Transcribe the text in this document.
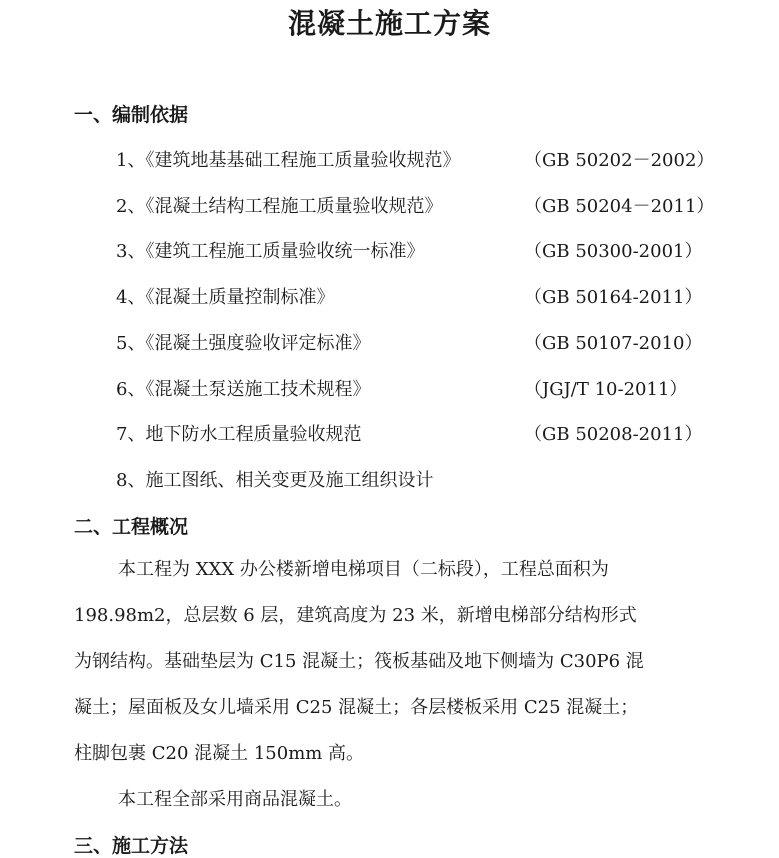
混凝土施工方案
一、编制依据
1、《建筑地基基础工程施工质量验收规范》	（GB 50202－2002）
2、《混凝土结构工程施工质量验收规范》	（GB 50204－2011）
3、《建筑工程施工质量验收统一标准》	（GB 50300-2001）
4、《混凝土质量控制标准》	（GB 50164-2011）
5、《混凝土强度验收评定标准》	（GB 50107-2010）
6、《混凝土泵送施工技术规程》	（JGJ/T 10-2011）
7、地下防水工程质量验收规范	（GB 50208-2011）
8、施工图纸、相关变更及施工组织设计
二、工程概况
本工程为 XXX 办公楼新增电梯项目（二标段），工程总面积为
198.98m2，总层数 6 层，建筑高度为 23 米，新增电梯部分结构形式
为钢结构。基础垫层为 C15 混凝土；筏板基础及地下侧墙为 C30P6 混
凝土；屋面板及女儿墙采用 C25 混凝土；各层楼板采用 C25 混凝土；
柱脚包裹 C20 混凝土 150mm 高。
本工程全部采用商品混凝土。
三、施工方法
